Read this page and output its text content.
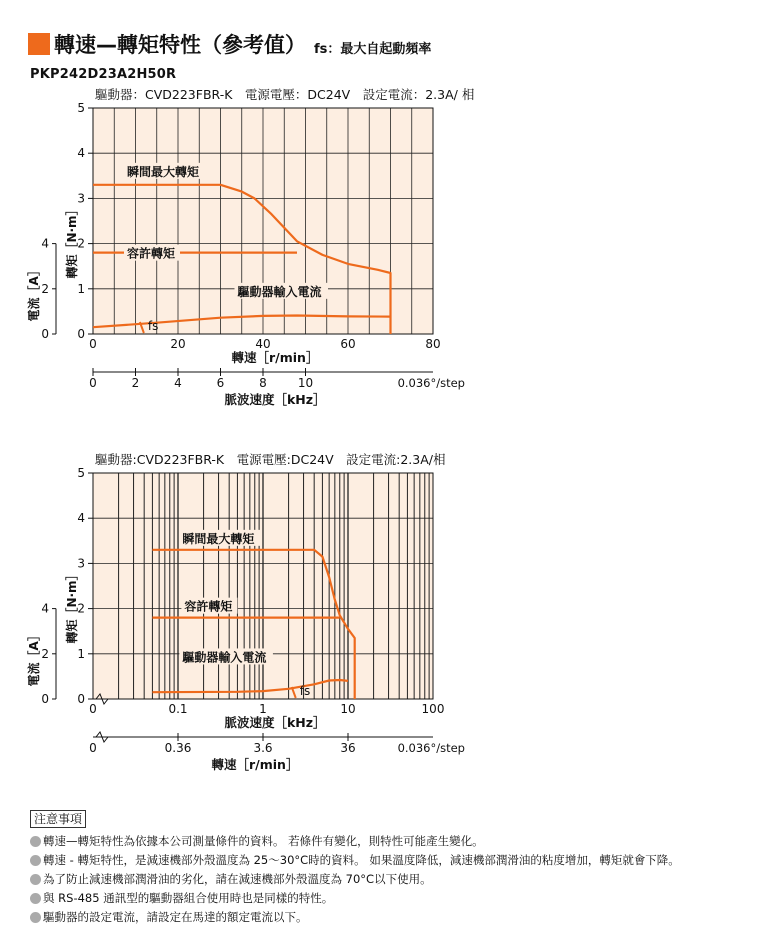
轉速—轉矩特性（參考值） fs：最大自起動頻率
PKP242D23A2H50R
驅動器：CVD223FBR-K　電源電壓：DC24V　設定電流：2.3A/ 相
0
1
2
3
4
5
0
2
4 轉矩［N·m］
電流［A］
瞬間最大轉矩
容許轉矩
驅動器輸入電流
fs
0	20	40	60	80
轉速［r/min］
0	2	4	6	8	10	0.036°/step
脈波速度［kHz］
驅動器:CVD223FBR-K　電源電壓:DC24V　設定電流:2.3A/相
0
1
2
3
4
5
0
2
4 轉矩［N·m］
電流［A］
瞬間最大轉矩
容許轉矩
驅動器輸入電流
fs
0	0.1	1	10	100
脈波速度［kHz］
0	0.36	3.6	36	0.036°/step
轉速［r/min］
注意事項
轉速—轉矩特性為依據本公司測量條件的資料。 若條件有變化，則特性可能產生變化。
轉速 - 轉矩特性，是減速機部外殼溫度為 25～30°C時的資料。 如果溫度降低，減速機部潤滑油的粘度增加，轉矩就會下降。
為了防止減速機部潤滑油的劣化，請在減速機部外殼溫度為 70°C以下使用。
與 RS-485 通訊型的驅動器組合使用時也是同樣的特性。
驅動器的設定電流，請設定在馬達的額定電流以下。
